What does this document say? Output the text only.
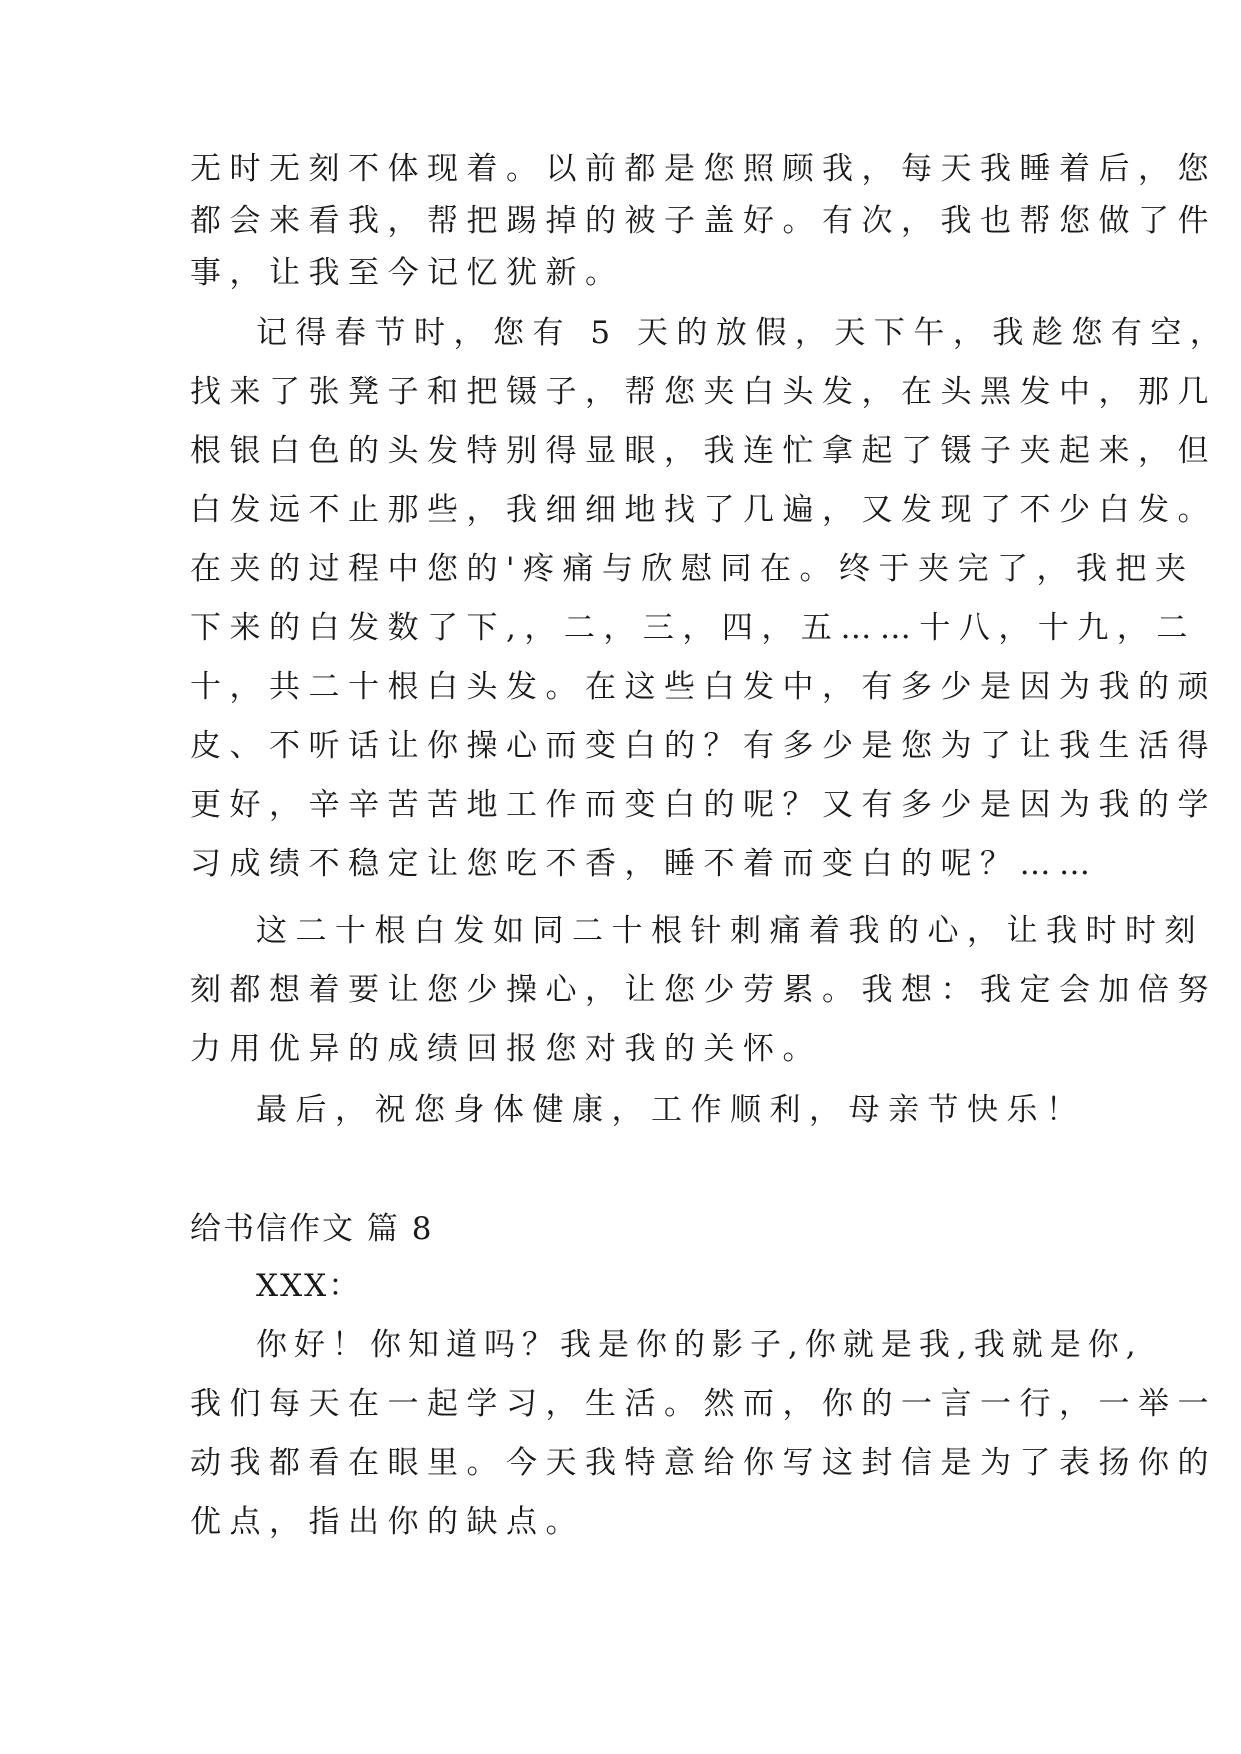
无时无刻不体现着。以前都是您照顾我，每天我睡着后，您
都会来看我，帮把踢掉的被子盖好。有次，我也帮您做了件
事，让我至今记忆犹新。
记得春节时，您有 5 天的放假，天下午，我趁您有空，
找来了张凳子和把镊子，帮您夹白头发，在头黑发中，那几
根银白色的头发特别得显眼，我连忙拿起了镊子夹起来，但
白发远不止那些，我细细地找了几遍，又发现了不少白发。
在夹的过程中您的'疼痛与欣慰同在。终于夹完了，我把夹
下来的白发数了下,，二，三，四，五……十八，十九，二
十，共二十根白头发。在这些白发中，有多少是因为我的顽
皮、不听话让你操心而变白的？有多少是您为了让我生活得
更好，辛辛苦苦地工作而变白的呢？又有多少是因为我的学
习成绩不稳定让您吃不香，睡不着而变白的呢？……
这二十根白发如同二十根针刺痛着我的心，让我时时刻
刻都想着要让您少操心，让您少劳累。我想：我定会加倍努
力用优异的成绩回报您对我的关怀。
最后，祝您身体健康，工作顺利，母亲节快乐！
给书信作文 篇 8
XXX：
你好！你知道吗？我是你的影子,你就是我,我就是你,
我们每天在一起学习，生活。然而，你的一言一行，一举一
动我都看在眼里。今天我特意给你写这封信是为了表扬你的
优点，指出你的缺点。
